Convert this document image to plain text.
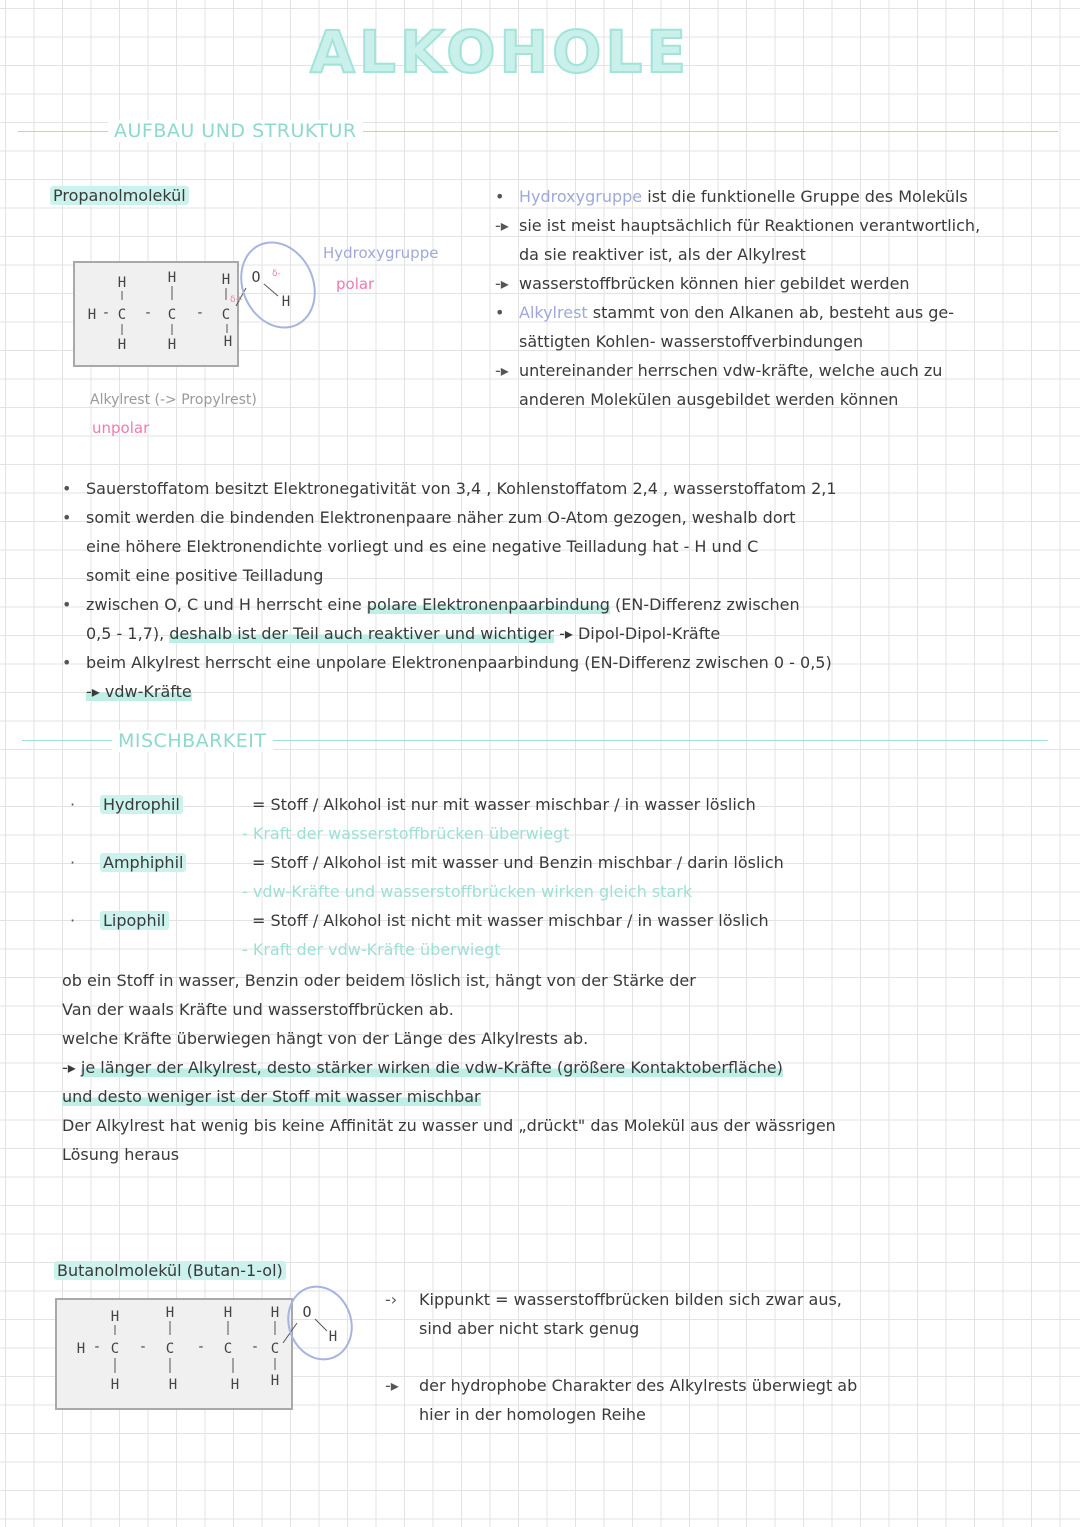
ALKOHOLE
AUFBAU UND STRUKTUR
Propanolmolekül
H	H	H
H C	C	C
-	-
-
H	H	H
O
H
δ+
δ-
Hydroxygruppe
polar
Alkylrest (-> Propylrest)
unpolar
• Hydroxygruppe ist die funktionelle Gruppe des Moleküls
-▸ sie ist meist hauptsächlich für Reaktionen verantwortlich,
da sie reaktiver ist, als der Alkylrest
-▸ wasserstoffbrücken können hier gebildet werden
• Alkylrest stammt von den Alkanen ab, besteht aus ge-
sättigten Kohlen- wasserstoffverbindungen
-▸ untereinander herrschen vdw-kräfte, welche auch zu
anderen Molekülen ausgebildet werden können
• Sauerstoffatom besitzt Elektronegativität von 3,4 , Kohlenstoffatom 2,4 , wasserstoffatom 2,1
• somit werden die bindenden Elektronenpaare näher zum O-Atom gezogen, weshalb dort
eine höhere Elektronendichte vorliegt und es eine negative Teilladung hat - H und C
somit eine positive Teilladung
• zwischen O, C und H herrscht eine polare Elektronenpaarbindung (EN-Differenz zwischen
0,5 - 1,7), deshalb ist der Teil auch reaktiver und wichtiger -▸ Dipol-Dipol-Kräfte
• beim Alkylrest herrscht eine unpolare Elektronenpaarbindung (EN-Differenz zwischen 0 - 0,5)
-▸ vdw-Kräfte
MISCHBARKEIT
·	Hydrophil	= Stoff / Alkohol ist nur mit wasser mischbar / in wasser löslich
- Kraft der wasserstoffbrücken überwiegt
·	Amphiphil	= Stoff / Alkohol ist mit wasser und Benzin mischbar / darin löslich
- vdw-Kräfte und wasserstoffbrücken wirken gleich stark
·	Lipophil	= Stoff / Alkohol ist nicht mit wasser mischbar / in wasser löslich
- Kraft der vdw-Kräfte überwiegt
ob ein Stoff in wasser, Benzin oder beidem löslich ist, hängt von der Stärke der
Van der waals Kräfte und wasserstoffbrücken ab.
welche Kräfte überwiegen hängt von der Länge des Alkylrests ab.
-▸ je länger der Alkylrest, desto stärker wirken die vdw-Kräfte (größere Kontaktoberfläche)
und desto weniger ist der Stoff mit wasser mischbar
Der Alkylrest hat wenig bis keine Affinität zu wasser und „drückt" das Molekül aus der wässrigen
Lösung heraus
Butanolmolekül (Butan-1-ol)
H	H	H	H
H C	C	C	C
-	-	-	-
H	H	H H
O
H
-› Kippunkt = wasserstoffbrücken bilden sich zwar aus,
sind aber nicht stark genug
-▸ der hydrophobe Charakter des Alkylrests überwiegt ab
hier in der homologen Reihe
